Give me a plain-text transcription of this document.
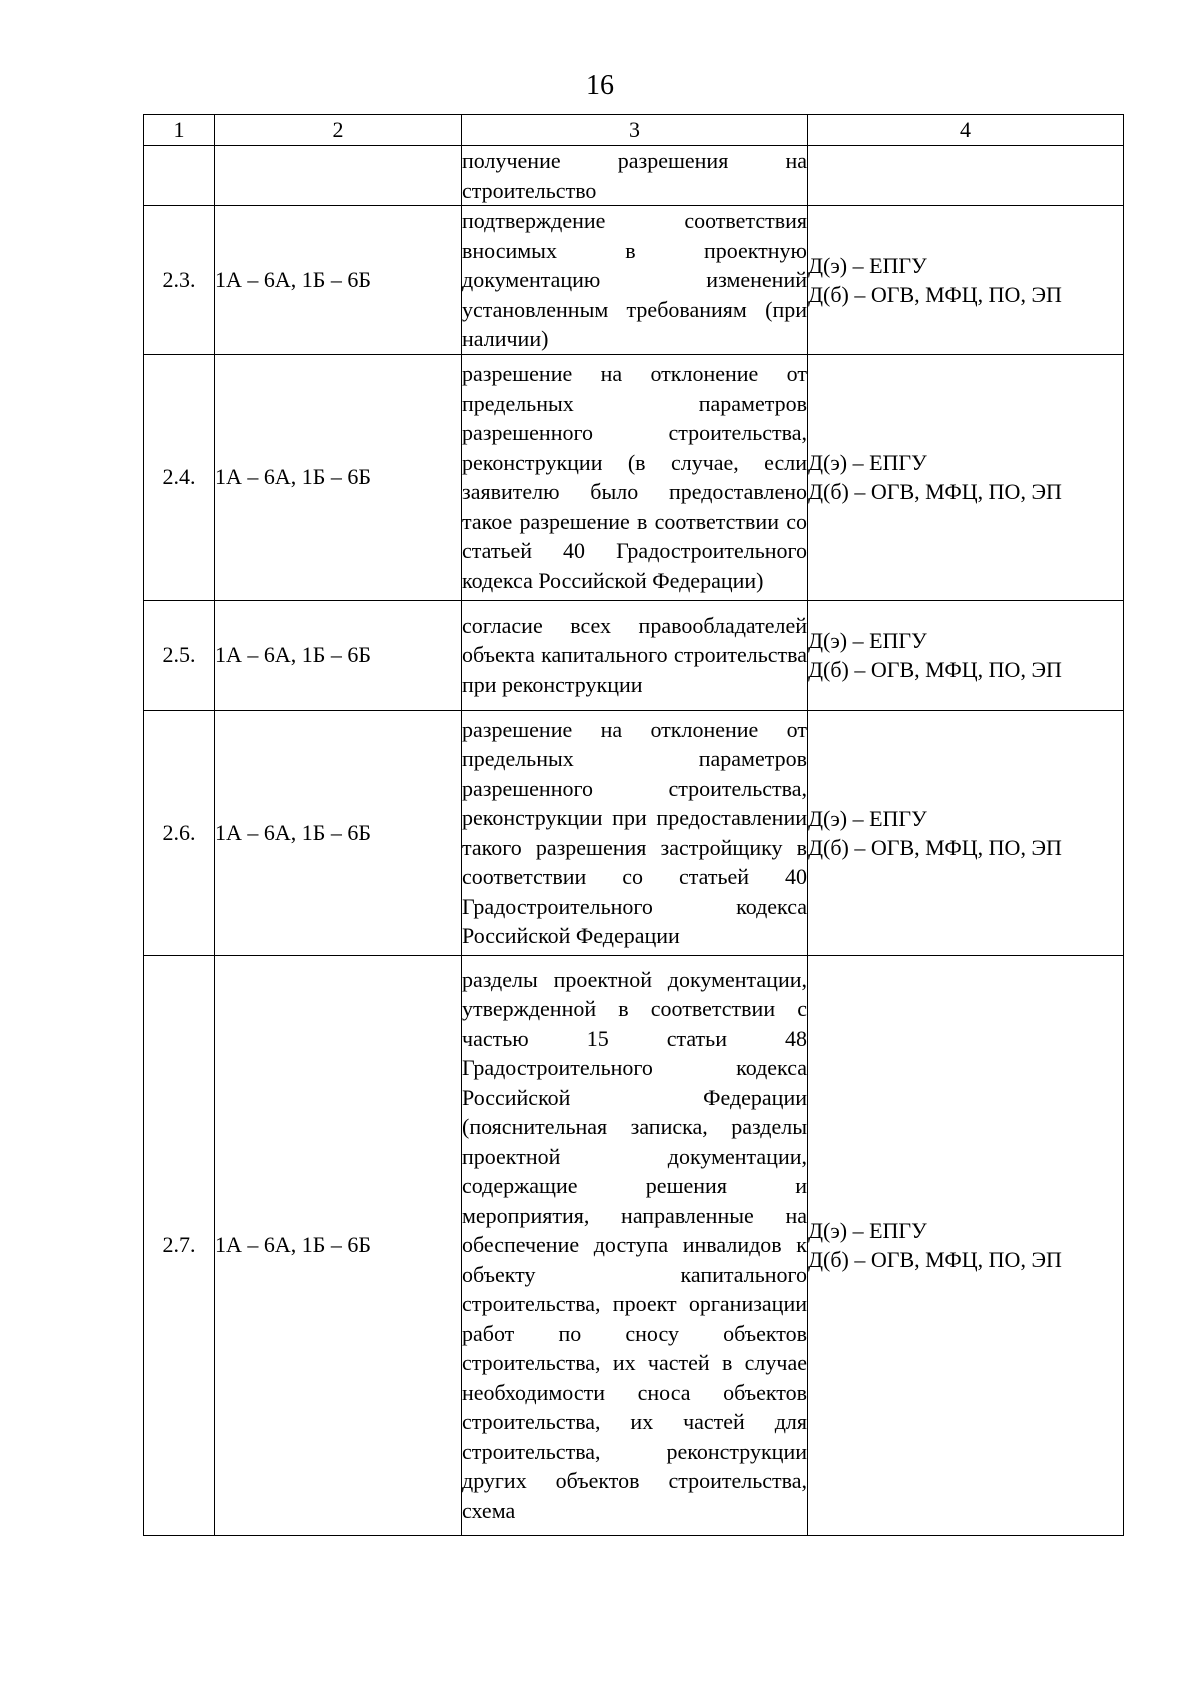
16
1	2	3	4

		получение разрешения на строительство	

2.3.	1А – 6А, 1Б – 6Б	подтверждение соответствия вносимых в проектную документацию изменений установленным требованиям (при наличии)	Д(э) – ЕПГУ
Д(б) – ОГВ, МФЦ, ПО, ЭП

2.4.	1А – 6А, 1Б – 6Б	разрешение на отклонение от предельных параметров разрешенного строительства, реконструкции (в случае, если заявителю было предоставлено такое разрешение в соответствии со статьей 40 Градостроительного кодекса Российской Федерации)	Д(э) – ЕПГУ
Д(б) – ОГВ, МФЦ, ПО, ЭП

2.5.	1А – 6А, 1Б – 6Б	согласие всех правообладателей объекта капитального строительства при реконструкции	Д(э) – ЕПГУ
Д(б) – ОГВ, МФЦ, ПО, ЭП

2.6.	1А – 6А, 1Б – 6Б	разрешение на отклонение от предельных параметров разрешенного строительства, реконструкции при предоставлении такого разрешения застройщику в соответствии со статьей 40 Градостроительного кодекса Российской Федерации	Д(э) – ЕПГУ
Д(б) – ОГВ, МФЦ, ПО, ЭП

2.7.	1А – 6А, 1Б – 6Б	разделы проектной документации, утвержденной в соответствии с частью 15 статьи 48 Градостроительного кодекса Российской Федерации (пояснительная записка, разделы проектной документации, содержащие решения и мероприятия, направленные на обеспечение доступа инвалидов к объекту капитального строительства, проект организации работ по сносу объектов строительства, их частей в случае необходимости сноса объектов строительства, их частей для строительства, реконструкции других объектов строительства, схема	Д(э) – ЕПГУ
Д(б) – ОГВ, МФЦ, ПО, ЭП
